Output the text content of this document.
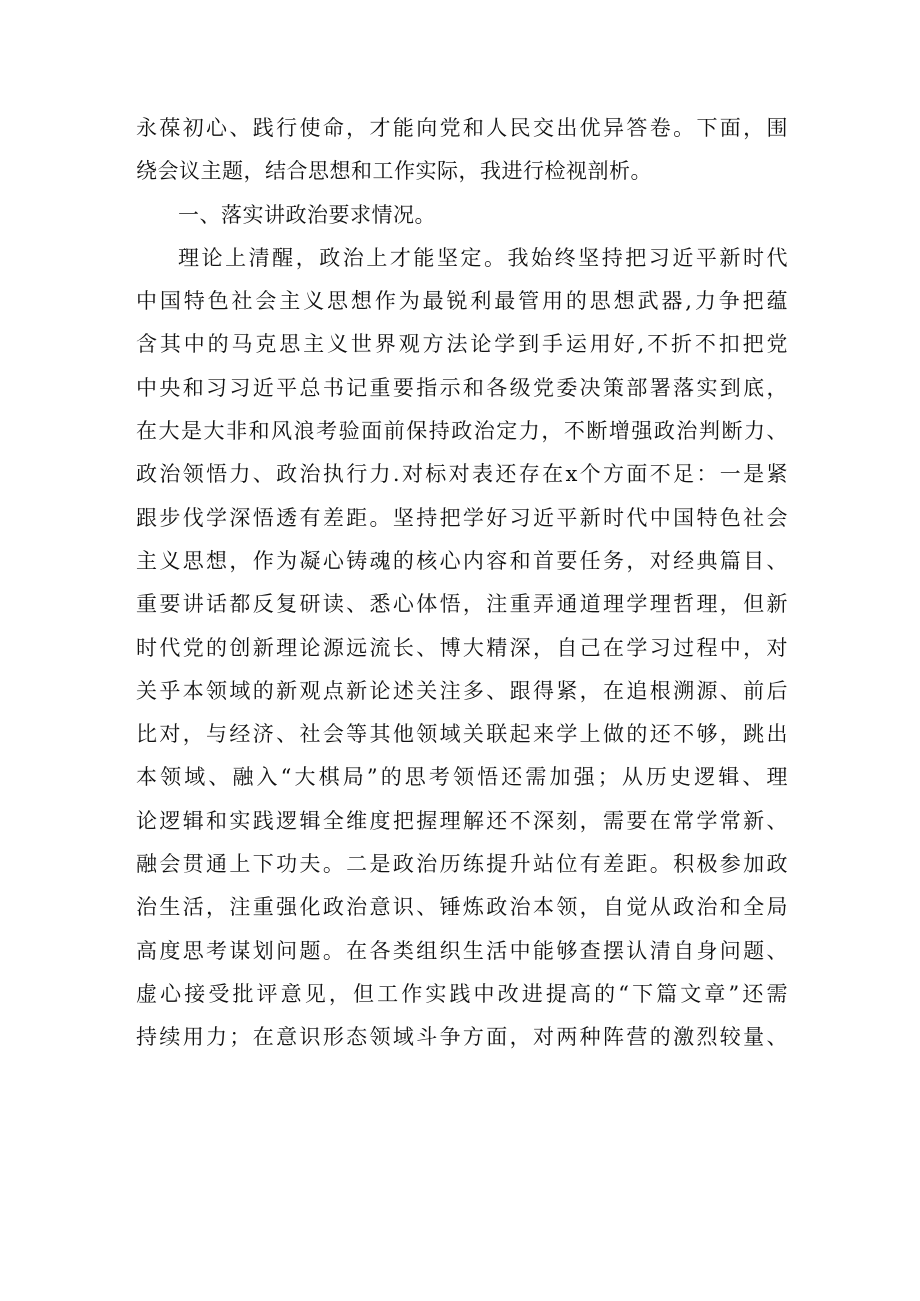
永葆初心、践行使命，才能向党和人民交出优异答卷。下面，围
绕会议主题，结合思想和工作实际，我进行检视剖析。
一、落实讲政治要求情况。
理论上清醒，政治上才能坚定。我始终坚持把习近平新时代
中国特色社会主义思想作为最锐利最管用的思想武器,力争把蕴
含其中的马克思主义世界观方法论学到手运用好,不折不扣把党
中央和习习近平总书记重要指示和各级党委决策部署落实到底，
在大是大非和风浪考验面前保持政治定力，不断增强政治判断力、
政治领悟力、政治执行力.对标对表还存在x个方面不足：一是紧
跟步伐学深悟透有差距。坚持把学好习近平新时代中国特色社会
主义思想，作为凝心铸魂的核心内容和首要任务，对经典篇目、
重要讲话都反复研读、悉心体悟，注重弄通道理学理哲理，但新
时代党的创新理论源远流长、博大精深，自己在学习过程中，对
关乎本领域的新观点新论述关注多、跟得紧，在追根溯源、前后
比对，与经济、社会等其他领域关联起来学上做的还不够，跳出
本领域、融入“大棋局”的思考领悟还需加强；从历史逻辑、理
论逻辑和实践逻辑全维度把握理解还不深刻，需要在常学常新、
融会贯通上下功夫。二是政治历练提升站位有差距。积极参加政
治生活，注重强化政治意识、锤炼政治本领，自觉从政治和全局
高度思考谋划问题。在各类组织生活中能够查摆认清自身问题、
虚心接受批评意见，但工作实践中改进提高的“下篇文章”还需
持续用力；在意识形态领域斗争方面，对两种阵营的激烈较量、
